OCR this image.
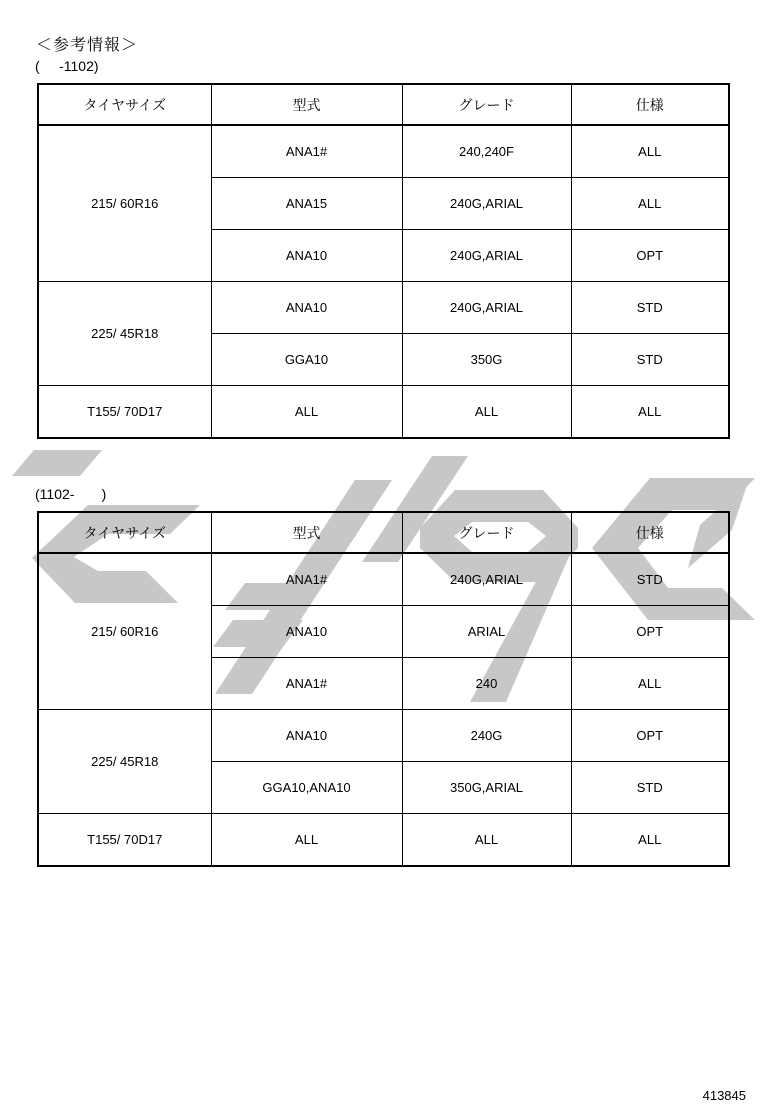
＜参考情報＞
(     -1102)
タイヤサイズ	型式	グレード	仕様
215/ 60R16	ANA1#	240,240F	ALL
	ANA15	240G,ARIAL	ALL
	ANA10	240G,ARIAL	OPT
225/ 45R18	ANA10	240G,ARIAL	STD
	GGA10	350G	STD
T155/ 70D17	ALL	ALL	ALL
(1102-       )
タイヤサイズ	型式	グレード	仕様
215/ 60R16	ANA1#	240G,ARIAL	STD
	ANA10	ARIAL	OPT
	ANA1#	240	ALL
225/ 45R18	ANA10	240G	OPT
	GGA10,ANA10	350G,ARIAL	STD
T155/ 70D17	ALL	ALL	ALL
413845
